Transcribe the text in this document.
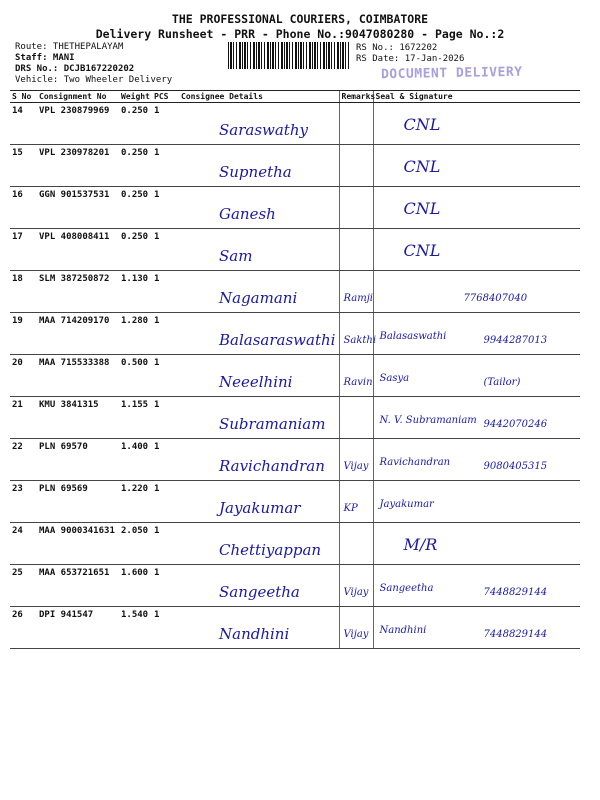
THE PROFESSIONAL COURIERS, COIMBATORE
Delivery Runsheet - PRR - Phone No.:9047080280 - Page No.:2
Route: THETHEPALAYAM
Staff: MANI
DRS No.: DCJB167220202
Vehicle: Two Wheeler Delivery
RS No.: 1672202
RS Date: 17-Jan-2026
DOCUMENT DELIVERY
S No	Consignment No	Weight	PCS	Consignee Details	Remarks	Seal & Signature
14	VPL 230879969	0.250	1	Saraswathy		CNL

15	VPL 230978201	0.250	1	Supnetha		CNL

16	GGN 901537531	0.250	1	Ganesh		CNL

17	VPL 408008411	0.250	1	Sam		CNL

18	SLM 387250872	1.130	1	Nagamani	Ramji	7768407040

19	MAA 714209170	1.280	1	Balasaraswathi	Sakthi	Balasaswathi 9944287013

20	MAA 715533388	0.500	1	Neeelhini	Ravin	Sasya (Tailor)

21	KMU 3841315	1.155	1	Subramaniam		N. V. Subramaniam 9442070246

22	PLN 69570	1.400	1	Ravichandran	Vijay	Ravichandran 9080405315

23	PLN 69569	1.220	1	Jayakumar	KP	Jayakumar

24	MAA 9000341631	2.050	1	Chettiyappan		M/R

25	MAA 653721651	1.600	1	Sangeetha	Vijay	Sangeetha 7448829144

26	DPI 941547	1.540	1	Nandhini	Vijay	Nandhini 7448829144
